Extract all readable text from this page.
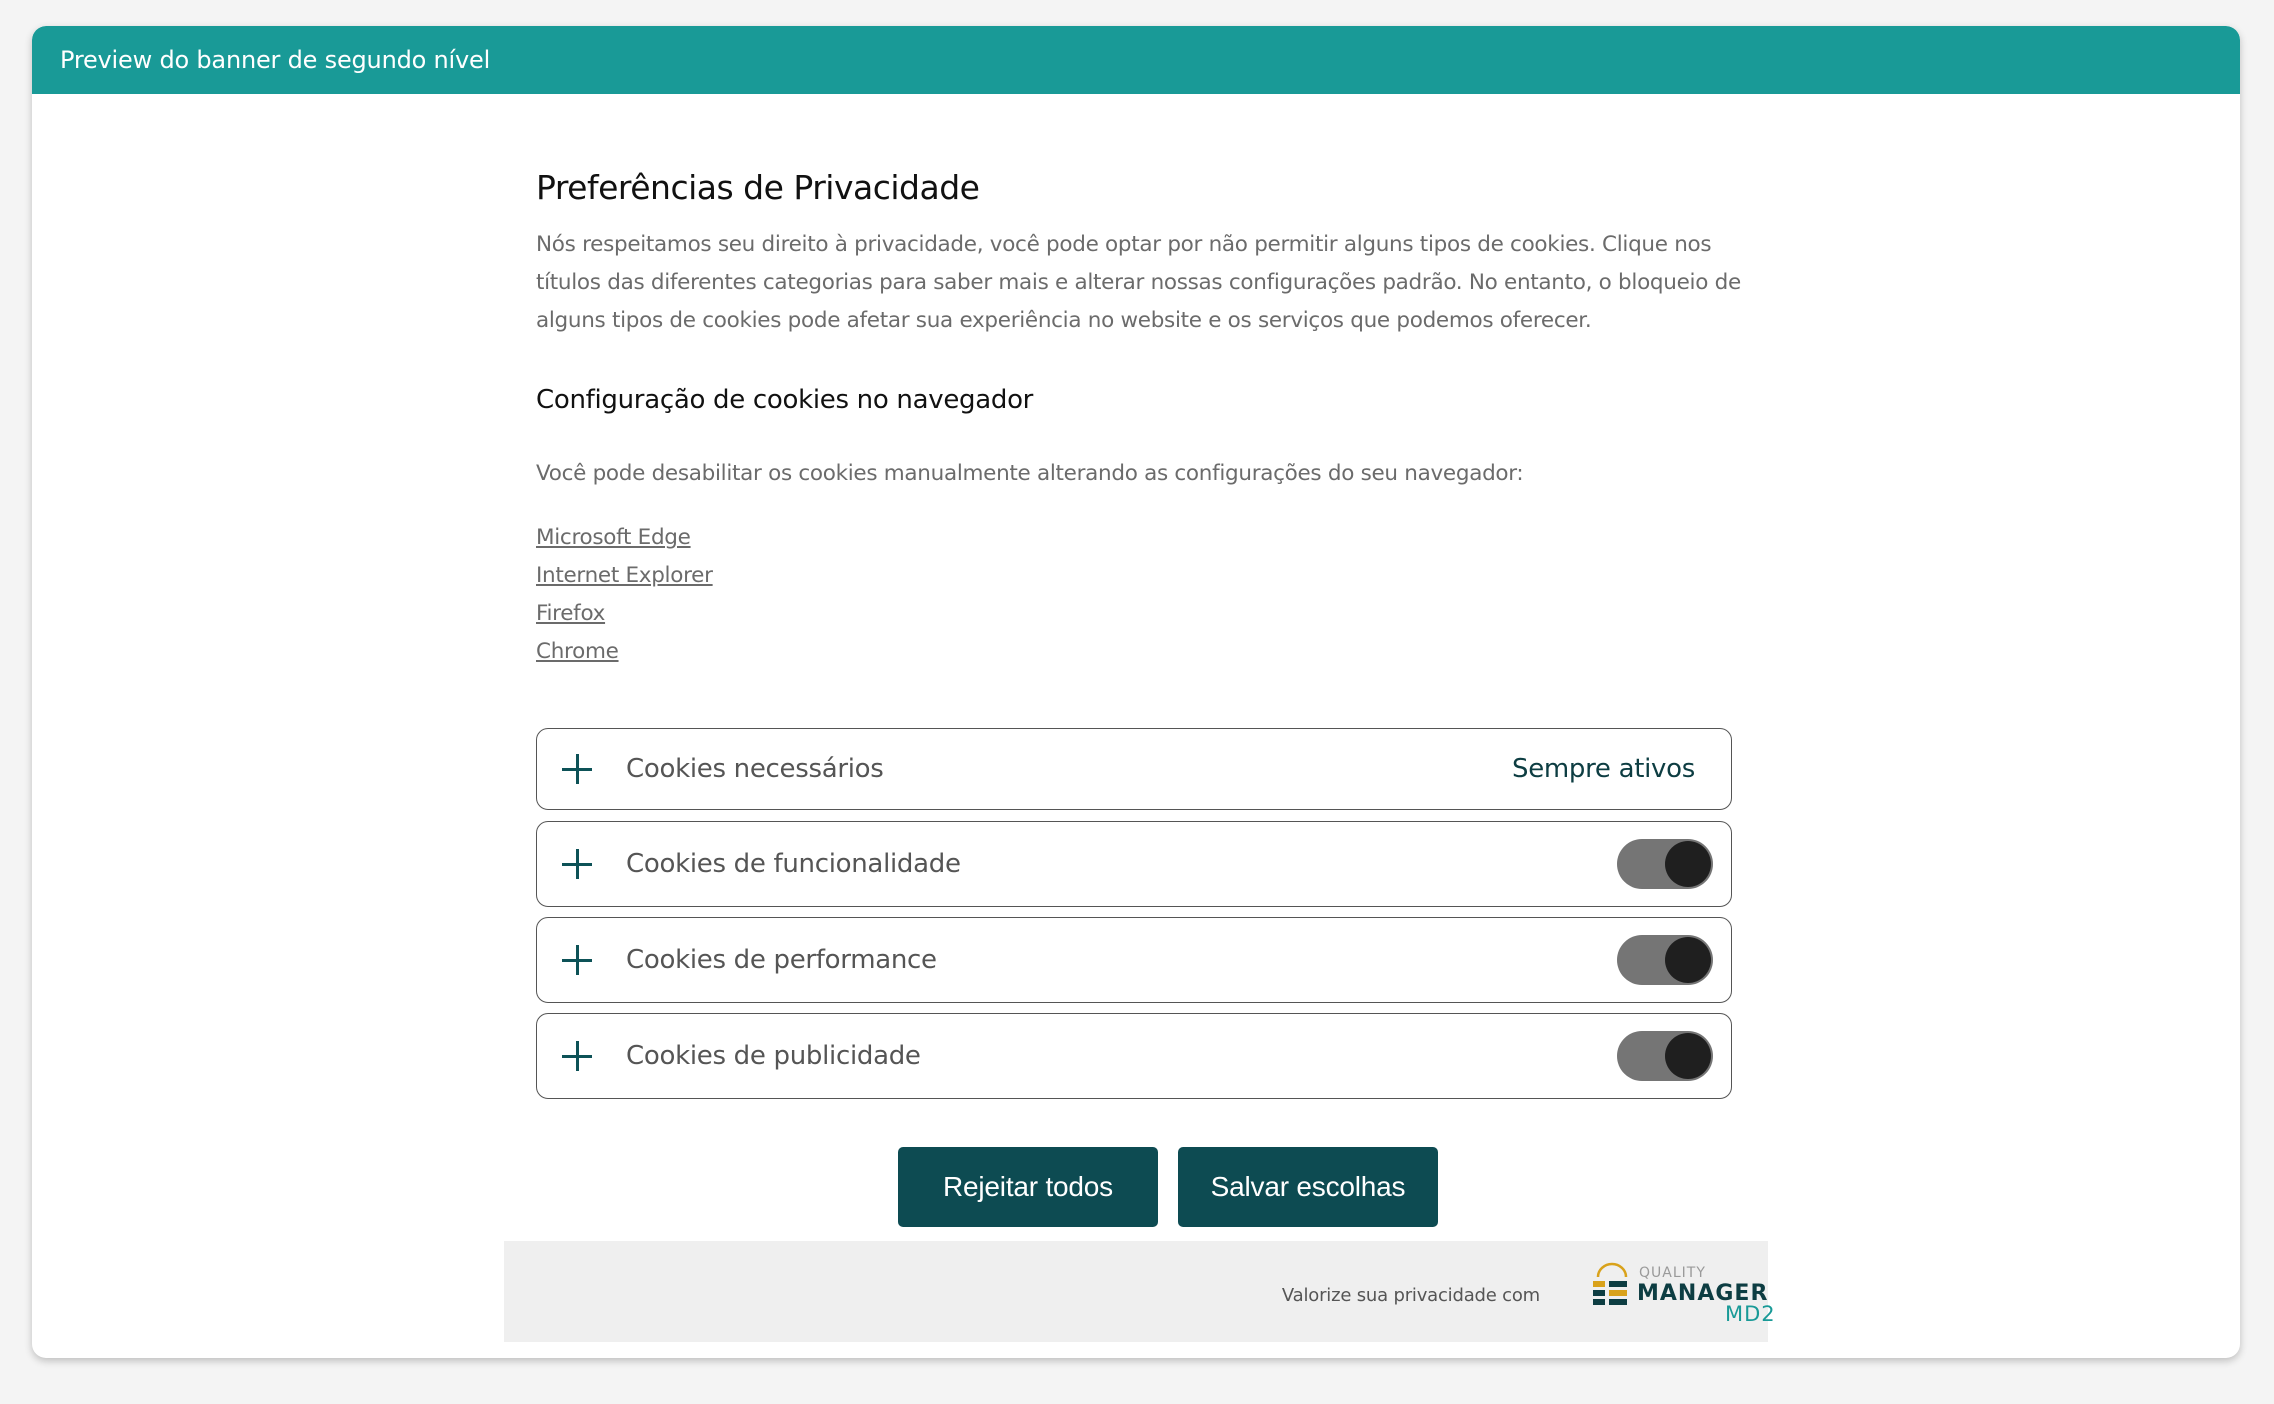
Preview do banner de segundo nível
Preferências de Privacidade

Nós respeitamos seu direito à privacidade, você pode optar por não permitir alguns tipos de cookies. Clique nos títulos das diferentes categorias para saber mais e alterar nossas configurações padrão. No entanto, o bloqueio de alguns tipos de cookies pode afetar sua experiência no website e os serviços que podemos oferecer.

Configuração de cookies no navegador

Você pode desabilitar os cookies manualmente alterando as configurações do seu navegador:

Microsoft Edge
Internet Explorer
Firefox
Chrome
Cookies necessários	Sempre ativos
Cookies de funcionalidade
Cookies de performance
Cookies de publicidade
Rejeitar todos	Salvar escolhas
Valorize sua privacidade com
QUALITY
MANAGER
MD2
